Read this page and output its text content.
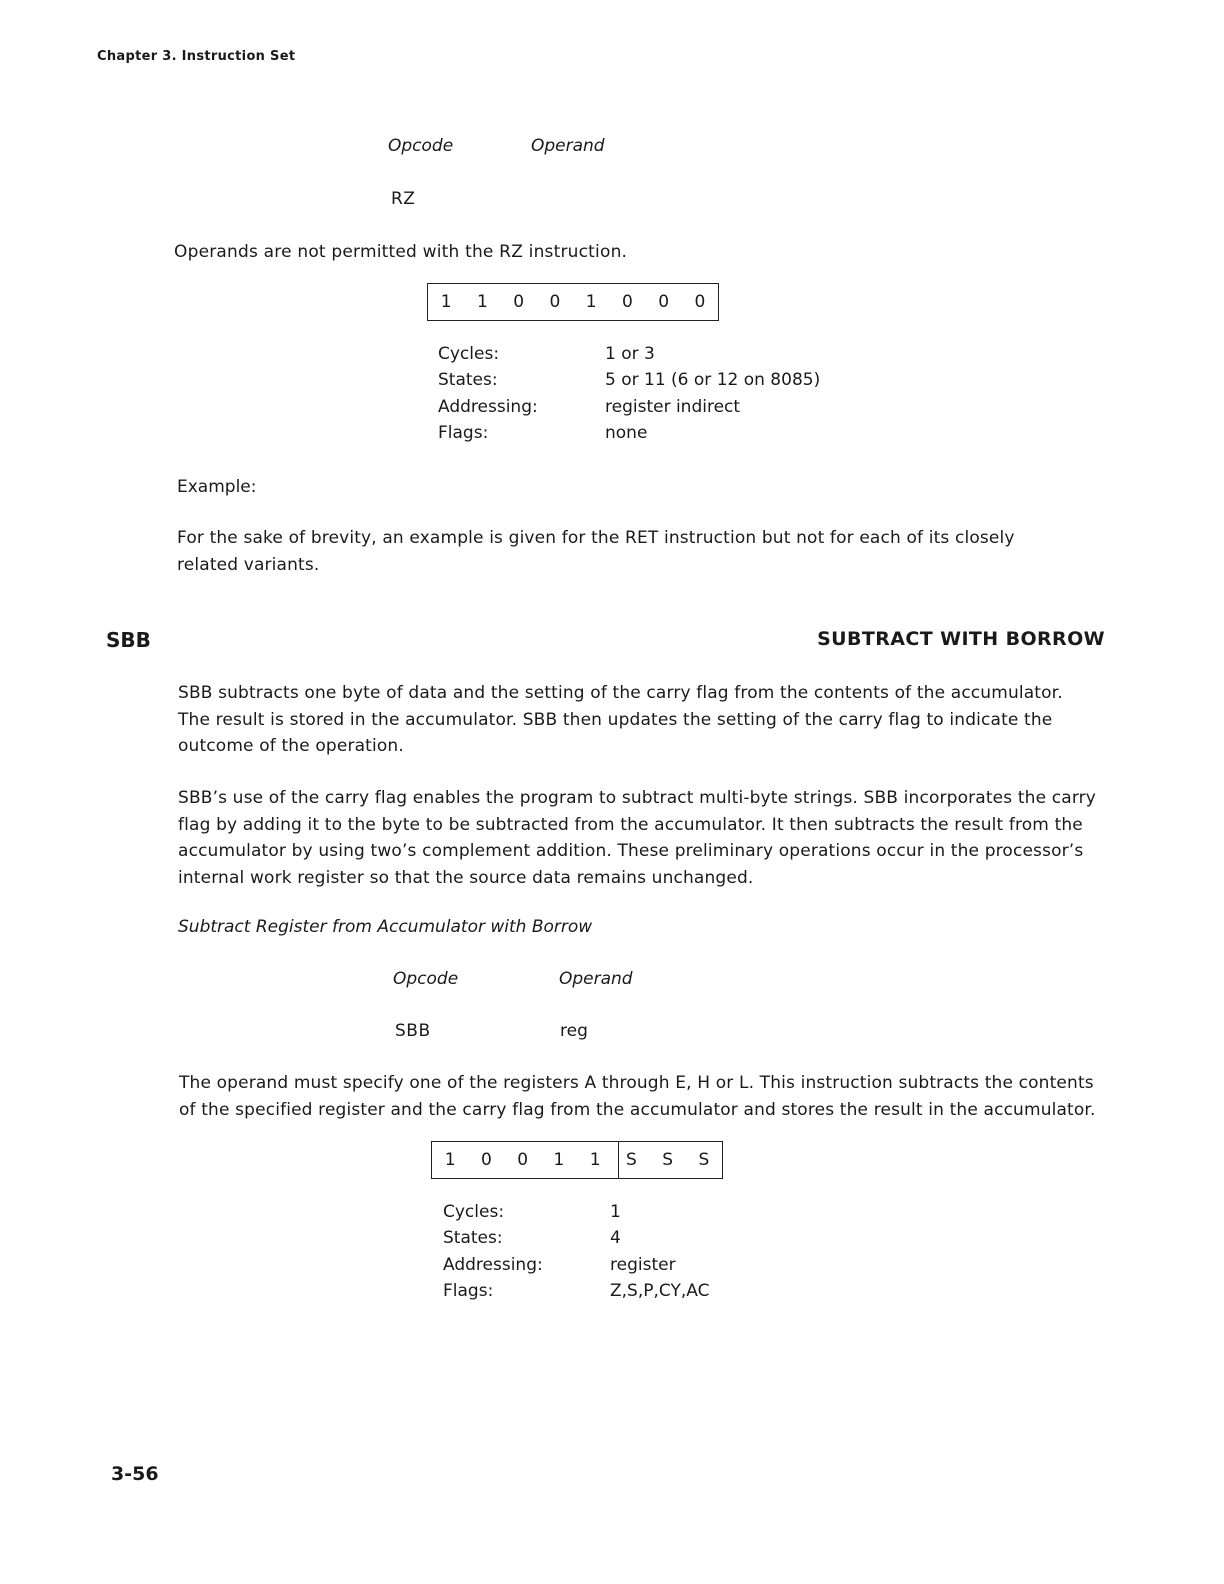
Chapter 3. Instruction Set
Opcode	Operand
RZ
Operands are not permitted with the RZ instruction.
1	1	0	0	1	0	0	0
Cycles:	1 or 3
States:	5 or 11 (6 or 12 on 8085)
Addressing:	register indirect
Flags:	none
Example:
For the sake of brevity, an example is given for the RET instruction but not for each of its closely related variants.
SBB	SUBTRACT WITH BORROW
SBB subtracts one byte of data and the setting of the carry flag from the contents of the accumulator. The result is stored in the accumulator. SBB then updates the setting of the carry flag to indicate the outcome of the operation.
SBB’s use of the carry flag enables the program to subtract multi-byte strings. SBB incorporates the carry flag by adding it to the byte to be subtracted from the accumulator. It then subtracts the result from the accumulator by using two’s complement addition. These preliminary operations occur in the processor’s internal work register so that the source data remains unchanged.
Subtract Register from Accumulator with Borrow
Opcode	Operand
SBB	reg
The operand must specify one of the registers A through E, H or L. This instruction subtracts the contents of the specified register and the carry flag from the accumulator and stores the result in the accumulator.
1	0	0	1	1	S	S	S
Cycles:	1
States:	4
Addressing:	register
Flags:	Z,S,P,CY,AC
3-56
